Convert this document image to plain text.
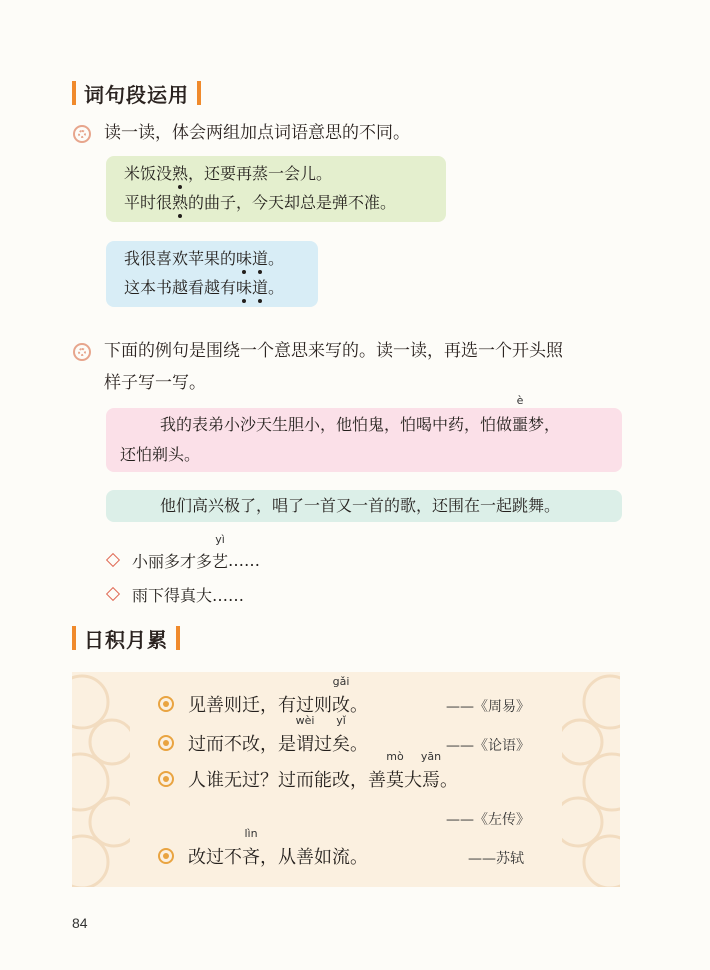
词句段运用
读一读，体会两组加点词语意思的不同。
米饭没熟，还要再蒸一会儿。
平时很熟的曲子，今天却总是弹不准。
我很喜欢苹果的味道。
这本书越看越有味道。
下面的例句是围绕一个意思来写的。读一读，再选一个开头照
样子写一写。
我的表弟小沙天生胆小，他怕鬼，怕喝中药，怕做
è
噩梦，
还怕剃头。
他们高兴极了，唱了一首又一首的歌，还围在一起跳舞。
小丽多才多
yì
艺 ……
雨下得真大……
日积月累
见善则迁，有过则
gǎi
改 。	——《周易》
过而不改，是
wèi
谓 过
yǐ
矣 。	——《论语》
人谁无过？过而能改，善
mò
莫 大
yān
焉 。
——《左传》
改过不
lìn
吝 ，从善如流。	——苏轼
84
